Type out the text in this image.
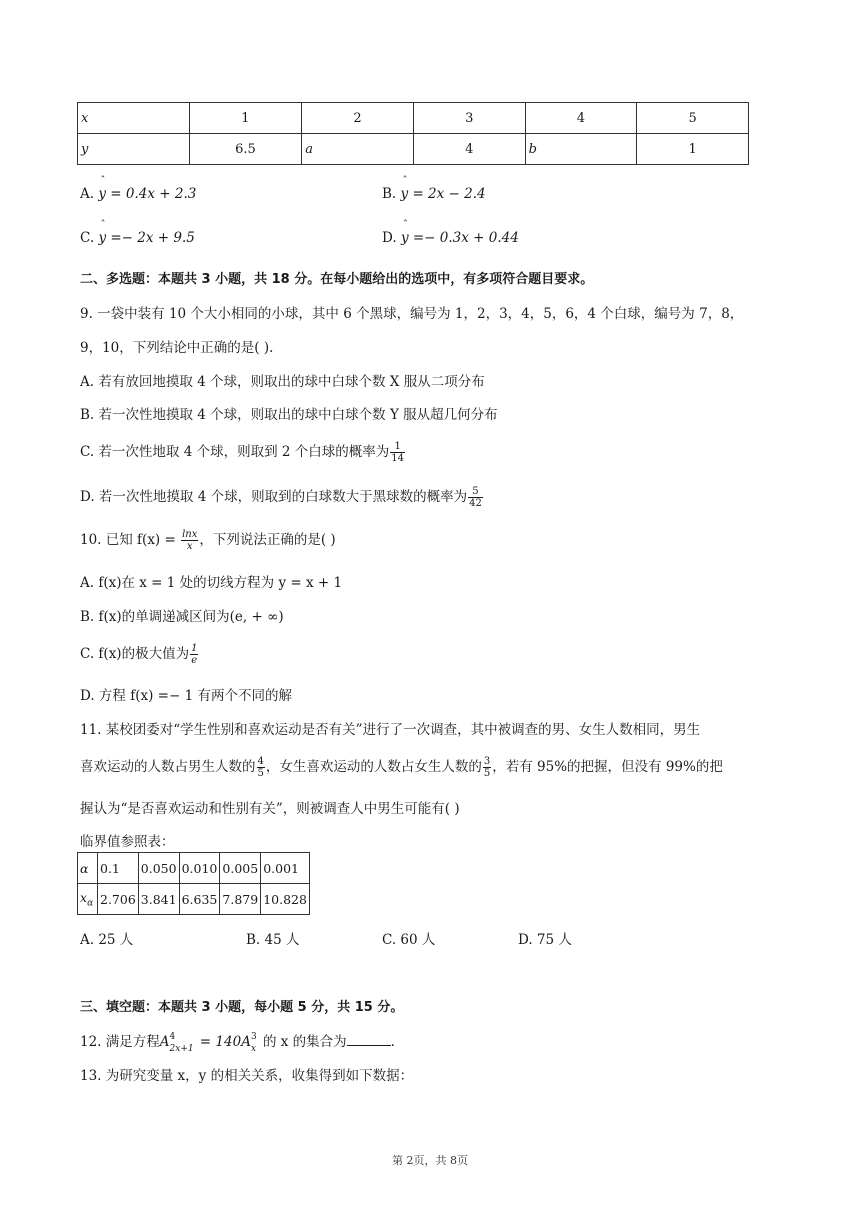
x	1	2	3	4	5
y	6.5	a	4	b	1
A. ˆ y = 0.4x + 2.3	B. ˆ y = 2x − 2.4
C. ˆ y =− 2x + 9.5	D. ˆ y =− 0.3x + 0.44
二、多选题：本题共 3 小题，共 18 分。在每小题给出的选项中，有多项符合题目要求。
9. 一袋中装有 10 个大小相同的小球，其中 6 个黑球，编号为 1，2，3，4，5，6，4 个白球，编号为 7，8，
9，10，下列结论中正确的是( ).
A. 若有放回地摸取 4 个球，则取出的球中白球个数 X 服从二项分布
B. 若一次性地摸取 4 个球，则取出的球中白球个数 Y 服从超几何分布
C. 若一次性地取 4 个球，则取到 2 个白球的概率为 $\frac{1}{14}$
D. 若一次性地摸取 4 个球，则取到的白球数大于黑球数的概率为 $\frac{5}{42}$
10. 已知 $f(x) = \frac{\ln x}{x}$ ，下列说法正确的是( )
A. f(x)在 x = 1 处的切线方程为 y = x + 1
B. f(x)的单调递减区间为(e, + ∞)
C. f(x)的极大值为 $\frac{1}{e}$
D. 方程 f(x) =− 1 有两个不同的解
11. 某校团委对“学生性别和喜欢运动是否有关”进行了一次调查，其中被调查的男、女生人数相同，男生
喜欢运动的人数占男生人数的 $\frac{4}{5}$ ，女生喜欢运动的人数占女生人数的 $\frac{3}{5}$ ，若有 95%的把握，但没有 99%的把
握认为“是否喜欢运动和性别有关”，则被调查人中男生可能有( )
临界值参照表：
α	0.1	0.050	0.010	0.005	0.001
$x_\alpha$	2.706	3.841	6.635	7.879	10.828
A. 25 人	B. 45 人	C. 60 人	D. 75 人
三、填空题：本题共 3 小题，每小题 5 分，共 15 分。
12. 满足方程A 4
2x+1 = 140A 3
x 的 x 的集合为	.
13. 为研究变量 x，y 的相关关系，收集得到如下数据：
第 2页，共 8页
